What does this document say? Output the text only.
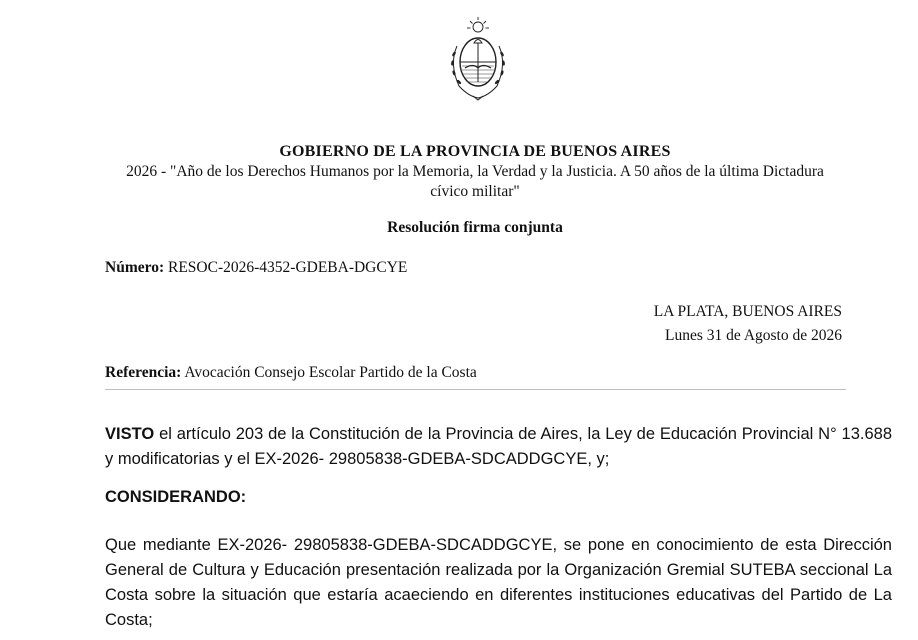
GOBIERNO DE LA PROVINCIA DE BUENOS AIRES
2026 - "Año de los Derechos Humanos por la Memoria, la Verdad y la Justicia. A 50 años de la última Dictadura cívico militar"
Resolución firma conjunta
Número: RESOC-2026-4352-GDEBA-DGCYE
LA PLATA, BUENOS AIRES
Lunes 31 de Agosto de 2026
Referencia: Avocación Consejo Escolar Partido de la Costa
VISTO el artículo 203 de la Constitución de la Provincia de Aires, la Ley de Educación Provincial N° 13.688 y modificatorias y el EX-2026- 29805838-GDEBA-SDCADDGCYE, y;
CONSIDERANDO:
Que mediante EX-2026- 29805838-GDEBA-SDCADDGCYE, se pone en conocimiento de esta Dirección General de Cultura y Educación presentación realizada por la Organización Gremial SUTEBA seccional La Costa sobre la situación que estaría acaeciendo en diferentes instituciones educativas del Partido de La Costa;
